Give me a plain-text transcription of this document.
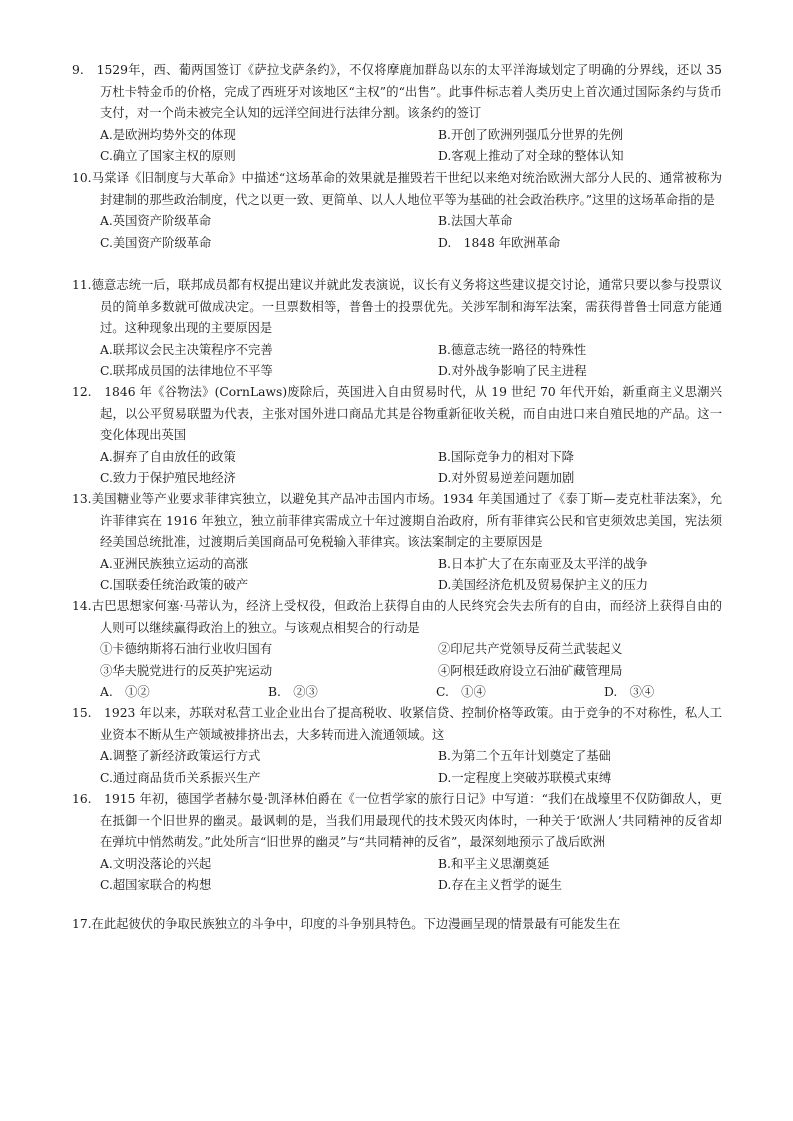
9.　1529年，西、葡两国签订《萨拉戈萨条约》，不仅将摩鹿加群岛以东的太平洋海域划定了明确的分界线，还以 35 万杜卡特金币的价格，完成了西班牙对该地区“主权”的“出售”。此事件标志着人类历史上首次通过国际条约与货币支付，对一个尚未被完全认知的远洋空间进行法律分割。该条约的签订
A.是欧洲均势外交的体现	B.开创了欧洲列强瓜分世界的先例
C.确立了国家主权的原则	D.客观上推动了对全球的整体认知
10.马棠译《旧制度与大革命》中描述“这场革命的效果就是摧毁若干世纪以来绝对统治欧洲大部分人民的、通常被称为封建制的那些政治制度，代之以更一致、更简单、以人人地位平等为基础的社会政治秩序。”这里的这场革命指的是
A.英国资产阶级革命	B.法国大革命
C.美国资产阶级革命	D.　1848 年欧洲革命
11.德意志统一后，联邦成员都有权提出建议并就此发表演说，议长有义务将这些建议提交讨论，通常只要以参与投票议员的简单多数就可做成决定。一旦票数相等，普鲁士的投票优先。关涉军制和海军法案，需获得普鲁士同意方能通过。这种现象出现的主要原因是
A.联邦议会民主决策程序不完善	B.德意志统一路径的特殊性
C.联邦成员国的法律地位不平等	D.对外战争影响了民主进程
12.　1846 年《谷物法》(CornLaws)废除后，英国进入自由贸易时代，从 19 世纪 70 年代开始，新重商主义思潮兴起，以公平贸易联盟为代表，主张对国外进口商品尤其是谷物重新征收关税，而自由进口来自殖民地的产品。这一变化体现出英国
A.摒弃了自由放任的政策	B.国际竞争力的相对下降
C.致力于保护殖民地经济	D.对外贸易逆差问题加剧
13.美国糖业等产业要求菲律宾独立，以避免其产品冲击国内市场。1934 年美国通过了《泰丁斯—麦克杜菲法案》，允许菲律宾在 1916 年独立，独立前菲律宾需成立十年过渡期自治政府，所有菲律宾公民和官吏须效忠美国，宪法须经美国总统批准，过渡期后美国商品可免税输入菲律宾。该法案制定的主要原因是
A.亚洲民族独立运动的高涨	B.日本扩大了在东南亚及太平洋的战争
C.国联委任统治政策的破产	D.美国经济危机及贸易保护主义的压力
14.古巴思想家何塞·马蒂认为，经济上受权役，但政治上获得自由的人民终究会失去所有的自由，而经济上获得自由的人则可以继续赢得政治上的独立。与该观点相契合的行动是
①卡德纳斯将石油行业收归国有	②印尼共产党领导反荷兰武装起义
③华夫脱党进行的反英护宪运动	④阿根廷政府设立石油矿藏管理局
A.　①②	B.　②③	C.　①④	D.　③④
15.　1923 年以来，苏联对私营工业企业出台了提高税收、收紧信贷、控制价格等政策。由于竞争的不对称性，私人工业资本不断从生产领域被排挤出去，大多转而进入流通领域。这
A.调整了新经济政策运行方式	B.为第二个五年计划奠定了基础
C.通过商品货币关系振兴生产	D.一定程度上突破苏联模式束缚
16.　1915 年初，德国学者赫尔曼·凯泽林伯爵在《一位哲学家的旅行日记》中写道：“我们在战壕里不仅防御敌人，更在抵御一个旧世界的幽灵。最讽刺的是，当我们用最现代的技术毁灭肉体时，一种关于‘欧洲人’共同精神的反省却在弹坑中悄然萌发。”此处所言“旧世界的幽灵”与“共同精神的反省”，最深刻地预示了战后欧洲
A.文明没落论的兴起	B.和平主义思潮奠延
C.超国家联合的构想	D.存在主义哲学的诞生
17.在此起彼伏的争取民族独立的斗争中，印度的斗争别具特色。下边漫画呈现的情景最有可能发生在
